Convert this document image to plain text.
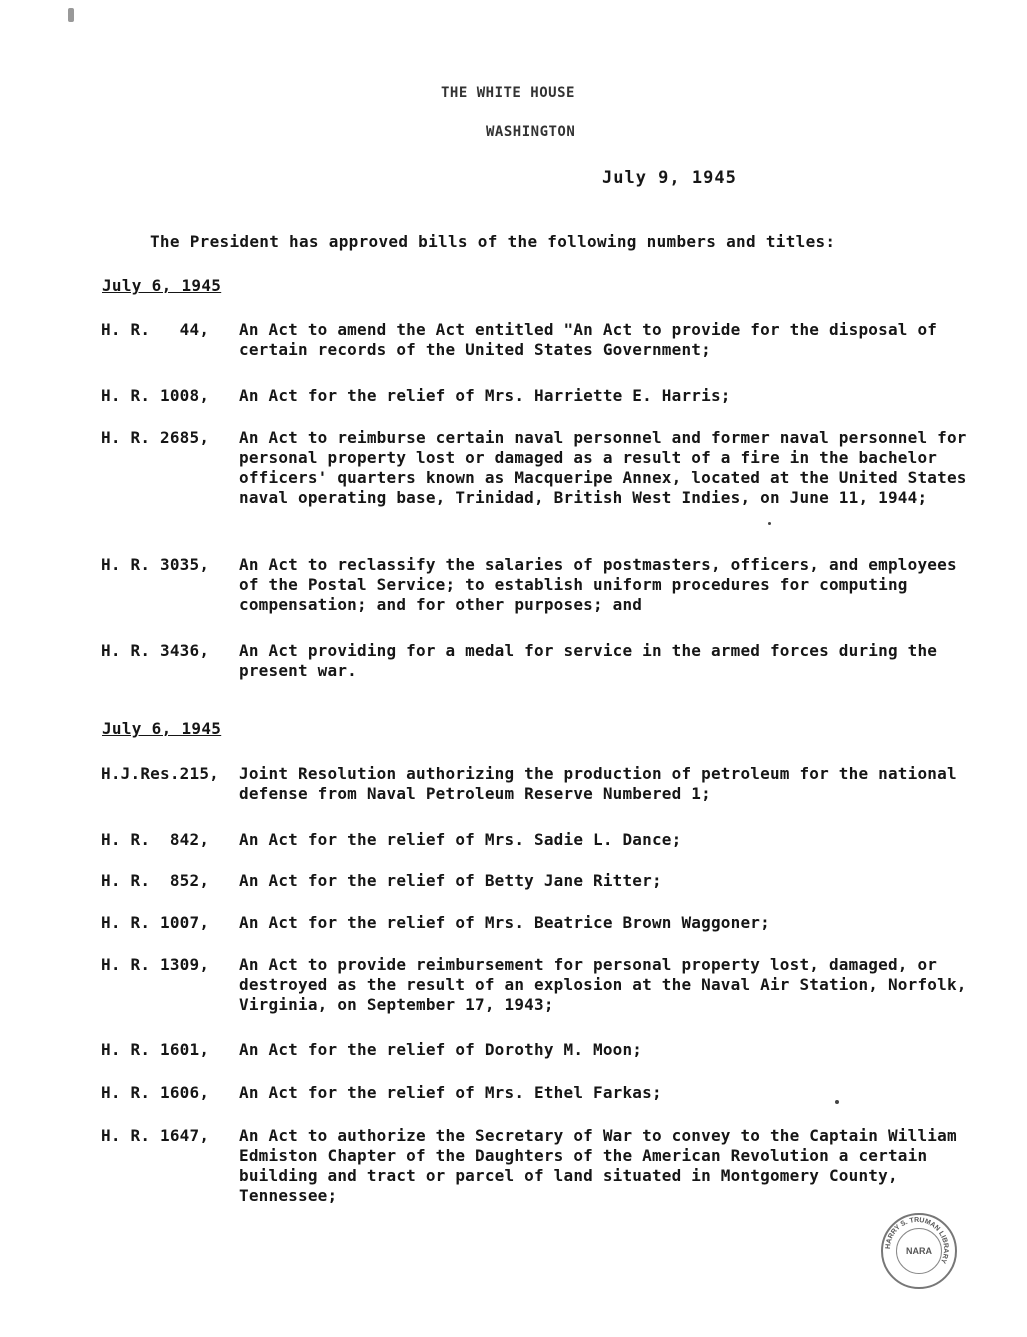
THE WHITE HOUSE
WASHINGTON
July 9, 1945
The President has approved bills of the following numbers and titles:
July 6, 1945
H. R.   44, An Act to amend the Act entitled "An Act to provide for the disposal of certain records of the United States Government;
H. R. 1008, An Act for the relief of Mrs. Harriette E. Harris;
H. R. 2685, An Act to reimburse certain naval personnel and former naval personnel for personal property lost or damaged as a result of a fire in the bachelor officers' quarters known as Macqueripe Annex, located at the United States naval operating base, Trinidad, British West Indies, on June 11, 1944;
H. R. 3035, An Act to reclassify the salaries of postmasters, officers, and employees of the Postal Service; to establish uniform procedures for computing compensation; and for other purposes; and
H. R. 3436, An Act providing for a medal for service in the armed forces during the present war.
July 6, 1945
H.J.Res.215, Joint Resolution authorizing the production of petroleum for the national defense from Naval Petroleum Reserve Numbered 1;
H. R.  842, An Act for the relief of Mrs. Sadie L. Dance;
H. R.  852, An Act for the relief of Betty Jane Ritter;
H. R. 1007, An Act for the relief of Mrs. Beatrice Brown Waggoner;
H. R. 1309, An Act to provide reimbursement for personal property lost, damaged, or destroyed as the result of an explosion at the Naval Air Station, Norfolk, Virginia, on September 17, 1943;
H. R. 1601, An Act for the relief of Dorothy M. Moon;
H. R. 1606, An Act for the relief of Mrs. Ethel Farkas;
H. R. 1647, An Act to authorize the Secretary of War to convey to the Captain William Edmiston Chapter of the Daughters of the American Revolution a certain building and tract or parcel of land situated in Montgomery County, Tennessee;
HARRY S. TRUMAN LIBRARY
NARA
